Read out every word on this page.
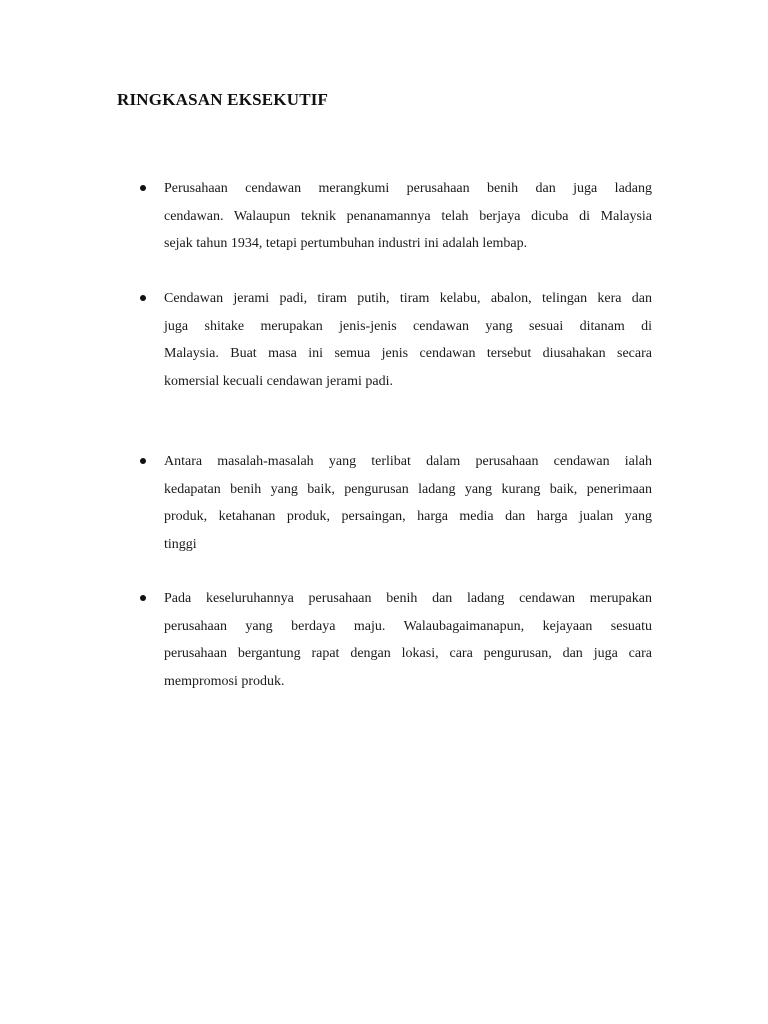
RINGKASAN EKSEKUTIF

Perusahaan cendawan merangkumi perusahaan benih dan juga ladang
cendawan. Walaupun teknik penanamannya telah berjaya dicuba di Malaysia
sejak tahun 1934, tetapi pertumbuhan industri ini adalah lembap.

Cendawan jerami padi, tiram putih, tiram kelabu, abalon, telingan kera dan
juga shitake merupakan jenis-jenis cendawan yang sesuai ditanam di
Malaysia. Buat masa ini semua jenis cendawan tersebut diusahakan secara
komersial kecuali cendawan jerami padi.

Antara masalah-masalah yang terlibat dalam perusahaan cendawan ialah
kedapatan benih yang baik, pengurusan ladang yang kurang baik, penerimaan
produk, ketahanan produk, persaingan, harga media dan harga jualan yang
tinggi

Pada keseluruhannya perusahaan benih dan ladang cendawan merupakan
perusahaan yang berdaya maju. Walaubagaimanapun, kejayaan sesuatu
perusahaan bergantung rapat dengan lokasi, cara pengurusan, dan juga cara
mempromosi produk.
